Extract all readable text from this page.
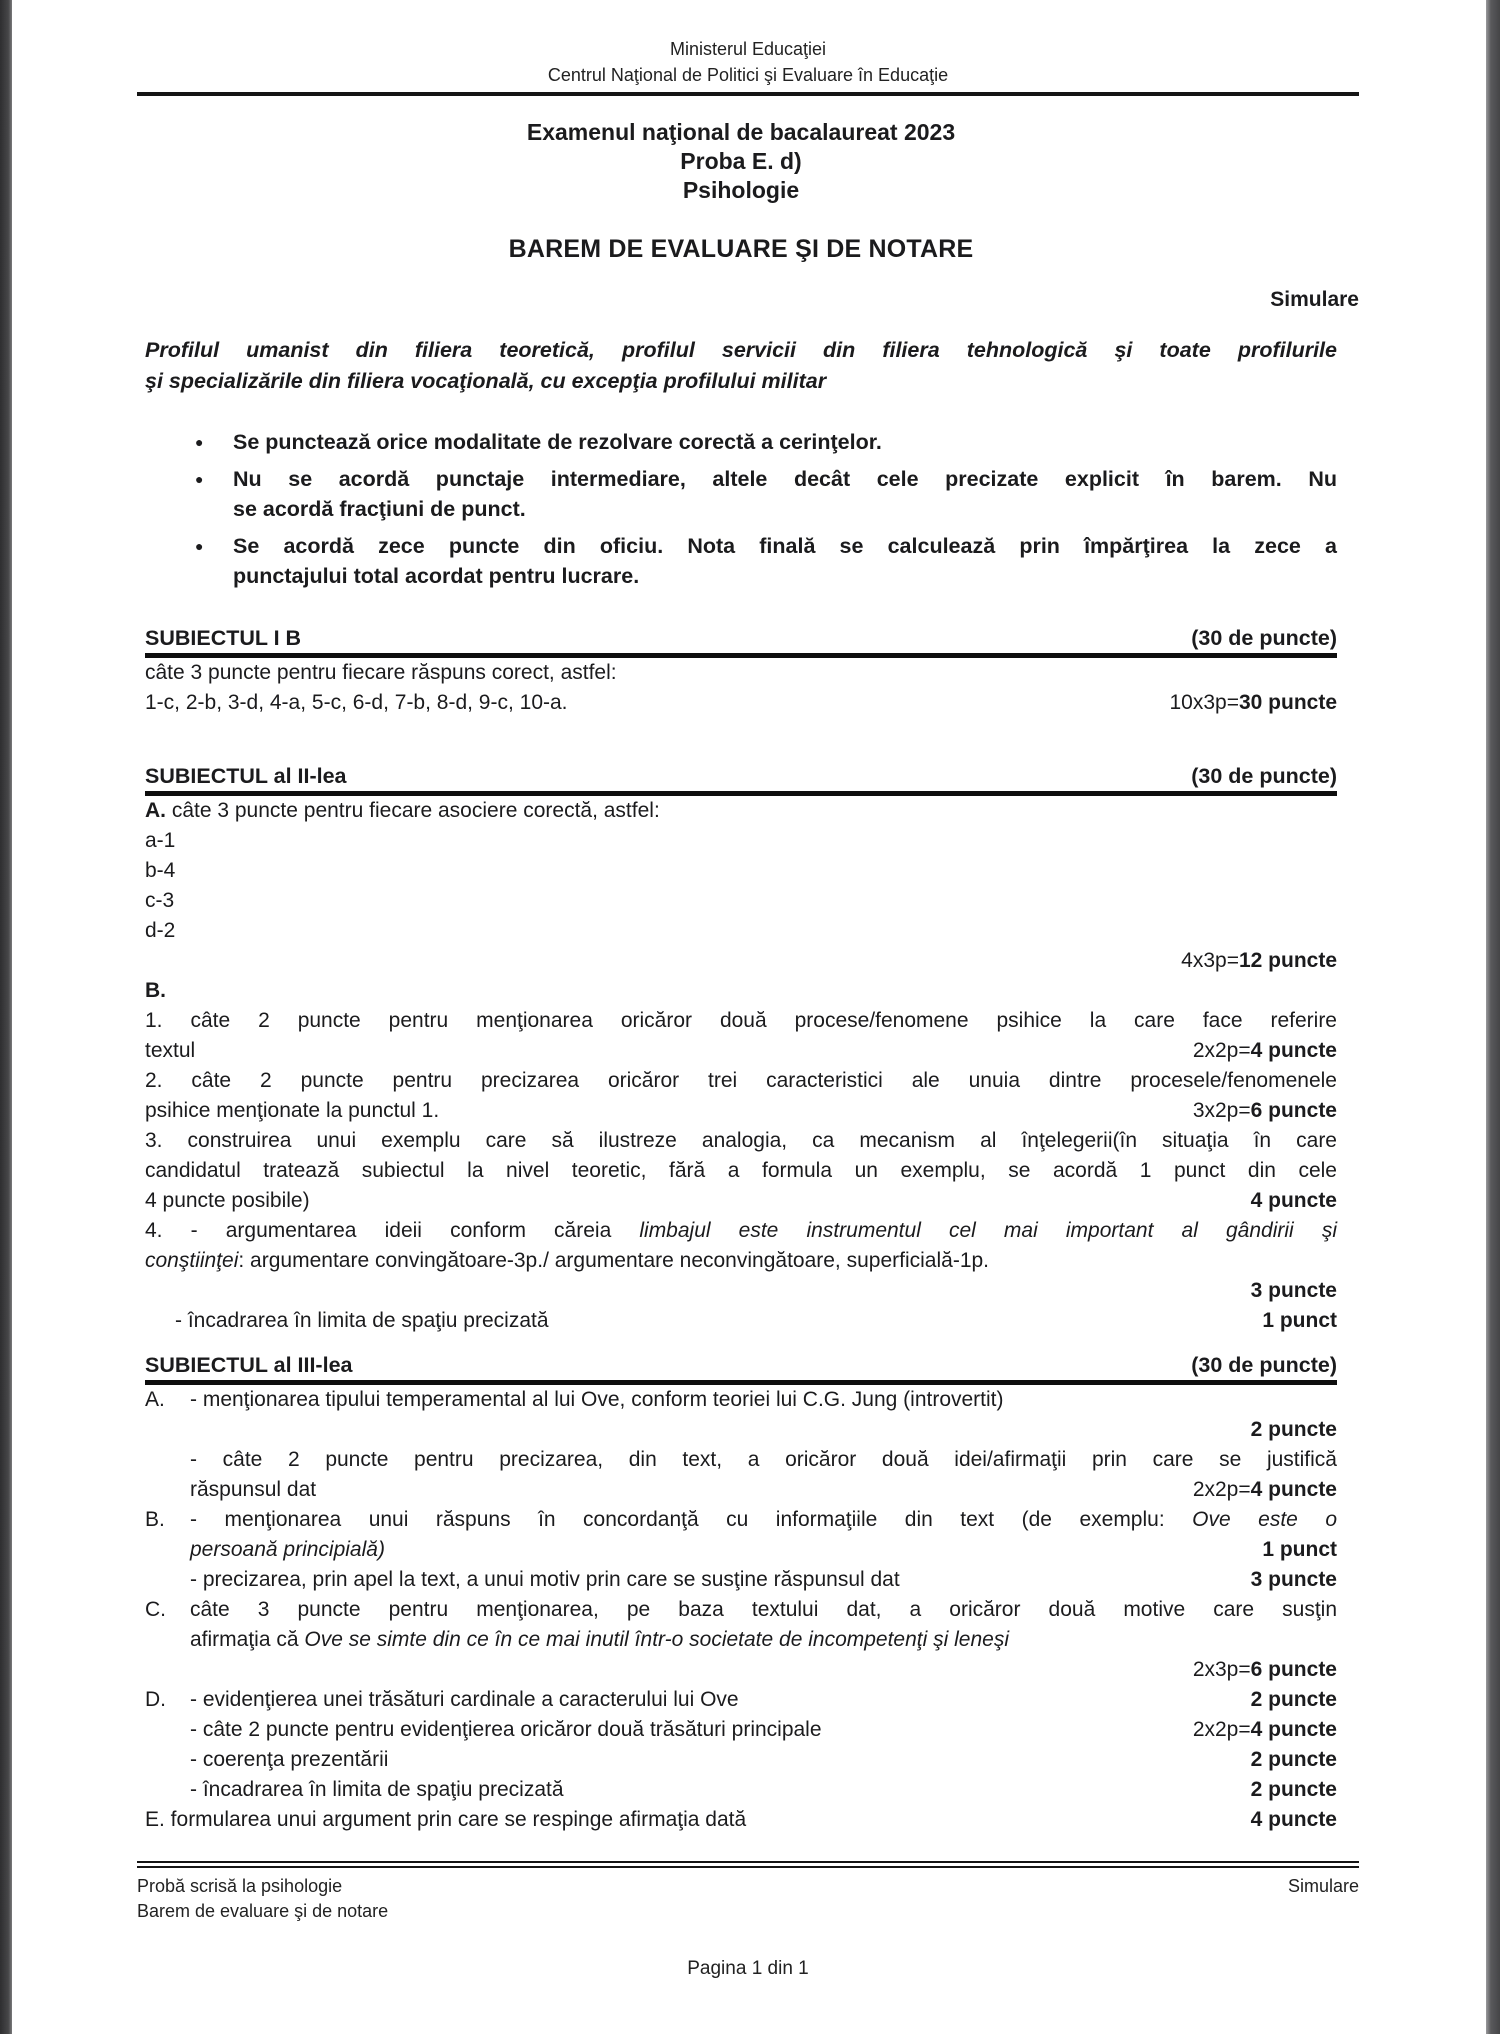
Ministerul Educaţiei
Centrul Naţional de Politici şi Evaluare în Educaţie
Examenul naţional de bacalaureat 2023
Proba E. d)
Psihologie
BAREM DE EVALUARE ŞI DE NOTARE
Simulare
Profilul umanist din filiera teoretică, profilul servicii din filiera tehnologică şi toate profilurile
şi specializările din filiera vocaţională, cu excepţia profilului militar
●	Se punctează orice modalitate de rezolvare corectă a cerinţelor.
●	Nu se acordă punctaje intermediare, altele decât cele precizate explicit în barem. Nu
se acordă fracţiuni de punct.
●	Se acordă zece puncte din oficiu. Nota finală se calculează prin împărţirea la zece a
punctajului total acordat pentru lucrare.
SUBIECTUL I B	(30 de puncte)
câte 3 puncte pentru fiecare răspuns corect, astfel:
1-c, 2-b, 3-d, 4-a, 5-c, 6-d, 7-b, 8-d, 9-c, 10-a.	10x3p=30 puncte
SUBIECTUL al II-lea	(30 de puncte)
A. câte 3 puncte pentru fiecare asociere corectă, astfel:
a-1
b-4
c-3
d-2
4x3p=12 puncte
B.
1. câte 2 puncte pentru menţionarea oricăror două procese/fenomene psihice la care face referire
textul	2x2p=4 puncte
2. câte 2 puncte pentru precizarea oricăror trei caracteristici ale unuia dintre procesele/fenomenele
psihice menţionate la punctul 1.	3x2p=6 puncte
3. construirea unui exemplu care să ilustreze analogia, ca mecanism al înţelegerii(în situaţia în care
candidatul tratează subiectul la nivel teoretic, fără a formula un exemplu, se acordă 1 punct din cele
4 puncte posibile)	4 puncte
4. - argumentarea ideii conform căreia limbajul este instrumentul cel mai important al gândirii şi
conştiinţei: argumentare convingătoare-3p./ argumentare neconvingătoare, superficială-1p.
3 puncte
- încadrarea în limita de spaţiu precizată	1 punct
SUBIECTUL al III-lea	(30 de puncte)
A.	- menţionarea tipului temperamental al lui Ove, conform teoriei lui C.G. Jung (introvertit)
2 puncte
- câte 2 puncte pentru precizarea, din text, a oricăror două idei/afirmaţii prin care se justifică
răspunsul dat	2x2p=4 puncte
B.	- menţionarea unui răspuns în concordanţă cu informaţiile din text (de exemplu: Ove este o
persoană principială)	1 punct
- precizarea, prin apel la text, a unui motiv prin care se susţine răspunsul dat	3 puncte
C.	câte 3 puncte pentru menţionarea, pe baza textului dat, a oricăror două motive care susţin
afirmaţia că Ove se simte din ce în ce mai inutil într-o societate de incompetenţi şi leneşi
2x3p=6 puncte
D.	- evidenţierea unei trăsături cardinale a caracterului lui Ove	2 puncte
- câte 2 puncte pentru evidenţierea oricăror două trăsături principale	2x2p=4 puncte
- coerenţa prezentării	2 puncte
- încadrarea în limita de spaţiu precizată	2 puncte
E. formularea unui argument prin care se respinge afirmaţia dată	4 puncte
Probă scrisă la psihologie	Simulare
Barem de evaluare şi de notare
Pagina 1 din 1
